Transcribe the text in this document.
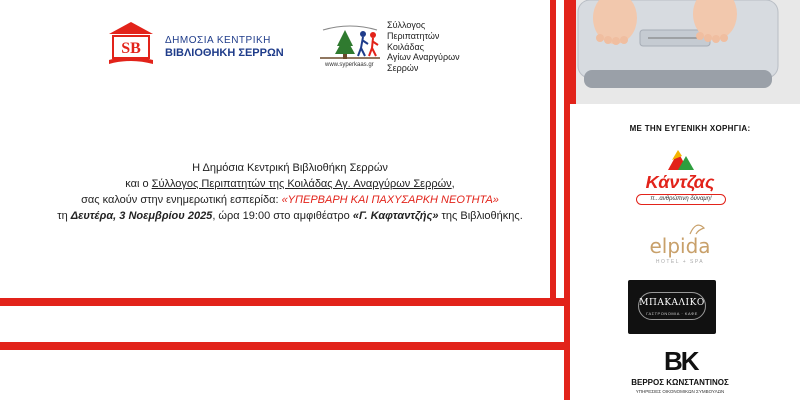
SB ΔΗΜΟΣΙΑ ΚΕΝΤΡΙΚΗ
ΒΙΒΛΙΟΘΗΚΗ ΣΕΡΡΩΝ
www.syperkaas.gr
Σύλλογος
Περιπατητών
Κοιλάδας
Αγίων Αναργύρων
Σερρών
Η Δημόσια Κεντρική Βιβλιοθήκη Σερρών
και ο Σύλλογος Περιπατητών της Κοιλάδας Αγ. Αναργύρων Σερρών,
σας καλούν στην ενημερωτική εσπερίδα: «ΥΠΕΡΒΑΡΗ ΚΑΙ ΠΑΧΥΣΑΡΚΗ ΝΕΟΤΗΤΑ»
τη Δευτέρα, 3 Νοεμβρίου 2025, ώρα 19:00 στο αμφιθέατρο «Γ. Καφταντζής» της Βιβλιοθήκης.
ΜΕ ΤΗΝ ΕΥΓΕΝΙΚΗ ΧΟΡΗΓΙΑ:
Κάντζας
π...ανθρώπινη δύναμη!
elpida
HOTEL + SPA
ΜΠΑΚΑΛΙΚΟ
ΓΑΣΤΡΟΝΟΜΙΑ · ΚΑΦΕ
BK
ΒΕΡΡΟΣ ΚΩΝΣΤΑΝΤΙΝΟΣ
ΥΠΗΡΕΣΙΕΣ ΟΙΚΟΝΟΜΙΚΩΝ ΣΥΜΒΟΥΛΩΝ
